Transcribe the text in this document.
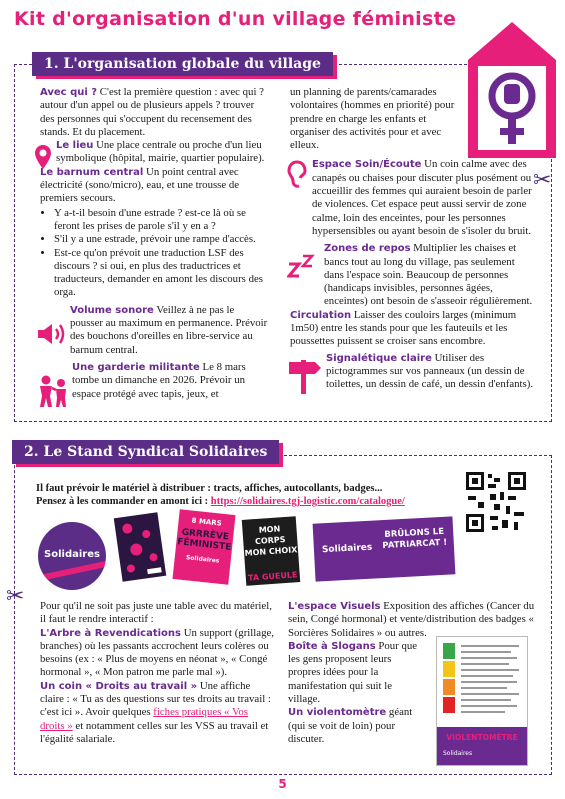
Kit d'organisation d'un village féministe
1. L'organisation globale du village

Avec qui ? C'est la première question : avec qui ? autour d'un appel ou de plusieurs appels ? trouver des personnes qui s'occupent du recensement des stands. Et du placement.

Le lieu Une place centrale ou proche d'un lieu symbolique (hôpital, mairie, quartier populaire).

Le barnum central Un point central avec électricité (sono/micro), eau, et une trousse de premiers secours.

• Y a-t-il besoin d'une estrade ? est-ce là où se feront les prises de parole s'il y en a ?
• S'il y a une estrade, prévoir une rampe d'accès.
• Est-ce qu'on prévoit une traduction LSF des discours ? si oui, en plus des traductrices et traducteurs, demander en amont les discours des orga.

Volume sonore Veillez à ne pas le pousser au maximum en permanence. Prévoir des bouchons d'oreilles en libre-service au barnum central.

Une garderie militante Le 8 mars tombe un dimanche en 2026. Prévoir un espace protégé avec tapis, jeux, et

un planning de parents/camarades volontaires (hommes en priorité) pour prendre en charge les enfants et organiser des activités pour et avec elleux.

Espace Soin/Écoute Un coin calme avec des canapés ou chaises pour discuter plus posément ou accueillir des femmes qui auraient besoin de parler de violences. Cet espace peut aussi servir de zone calme, loin des enceintes, pour les personnes hypersensibles ou ayant besoin de s'isoler du bruit.

Zones de repos Multiplier les chaises et bancs tout au long du village, pas seulement dans l'espace soin. Beaucoup de personnes (handicaps invisibles, personnes âgées, enceintes) ont besoin de s'asseoir régulièrement.

Circulation Laisser des couloirs larges (minimum 1m50) entre les stands pour que les fauteuils et les poussettes puissent se croiser sans encombre.

Signalétique claire Utiliser des pictogrammes sur vos panneaux (un dessin de toilettes, un dessin de café, un dessin d'enfants).

✂
2. Le Stand Syndical Solidaires
✂
Il faut prévoir le matériel à distribuer : tracts, affiches, autocollants, badges...
Pensez à les commander en amont ici : https://solidaires.tgj-logistic.com/catalogue/
Solidaires
8 MARS
GRRRÈVE FÉMINISTE
Solidaires
MON CORPS
MON CHOIX
TA GUEULE
Solidaires
BRÛLONS LE PATRIARCAT !

Pour qu'il ne soit pas juste une table avec du matériel, il faut le rendre interactif :

L'Arbre à Revendications Un support (grillage, branches) où les passants accrochent leurs colères ou besoins (ex : « Plus de moyens en néonat », « Congé hormonal », « Mon patron me parle mal »).

Un coin « Droits au travail » Une affiche claire : « Tu as des questions sur tes droits au travail : c'est ici ». Avoir quelques fiches pratiques « Vos droits » et notamment celles sur les VSS au travail et l'égalité salariale.

L'espace Visuels Exposition des affiches (Cancer du sein, Congé hormonal) et vente/distribution des badges « Sorcières Solidaires » ou autres.

Boîte à Slogans Pour que les gens proposent leurs propres idées pour la manifestation qui suit le village.

Un violentomètre géant (qui se voit de loin) pour discuter.	VIOLENTOMÈTRE
Solidaires
5
